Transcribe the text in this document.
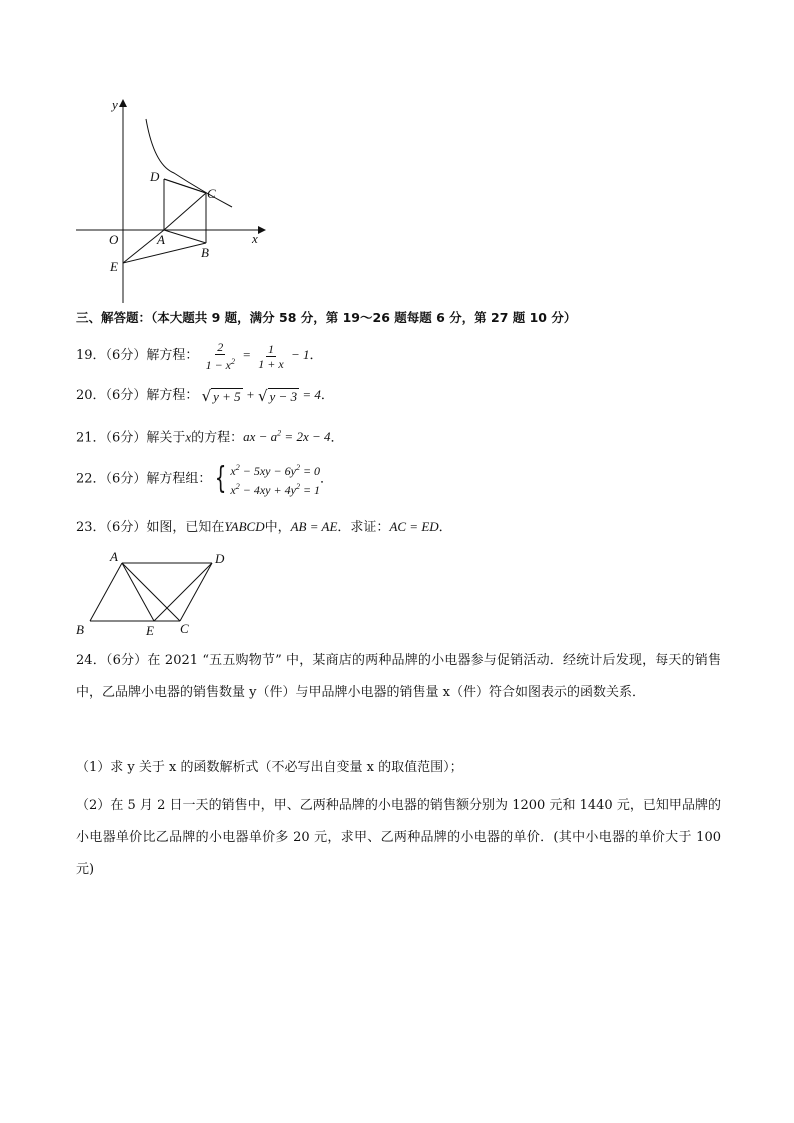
y
x
O
D
C
A
B
E
三、解答题：（本大题共 9 题，满分 58 分，第 19～26 题每题 6 分，第 27 题 10 分）
19．（6分）解方程： $\frac{2}{1 - x^2} = \frac{1}{1 + x} - 1$．
20．（6分）解方程： √ y + 5 + √ y − 3 = 4．
21．（6分）解关于x的方程：ax − $a^2 = 2x - 4$．
22．（6分）解方程组： { $x^2 - 5xy - 6y^2 = 0$
$x^2 - 4xy + 4y^2 = 1$
．
23．（6分）如图，已知在YABCD中，AB = AE．求证：AC = ED．
A	D
B	E C
24．（6分）在 2021 “五五购物节” 中，某商店的两种品牌的小电器参与促销活动．经统计后发现，每天的销售中，乙品牌小电器的销售数量 y（件）与甲品牌小电器的销售量 x（件）符合如图表示的函数关系．
（1）求 y 关于 x 的函数解析式（不必写出自变量 x 的取值范围）；
（2）在 5 月 2 日一天的销售中，甲、乙两种品牌的小电器的销售额分别为 1200 元和 1440 元，已知甲品牌的小电器单价比乙品牌的小电器单价多 20 元，求甲、乙两种品牌的小电器的单价．(其中小电器的单价大于 100 元)
